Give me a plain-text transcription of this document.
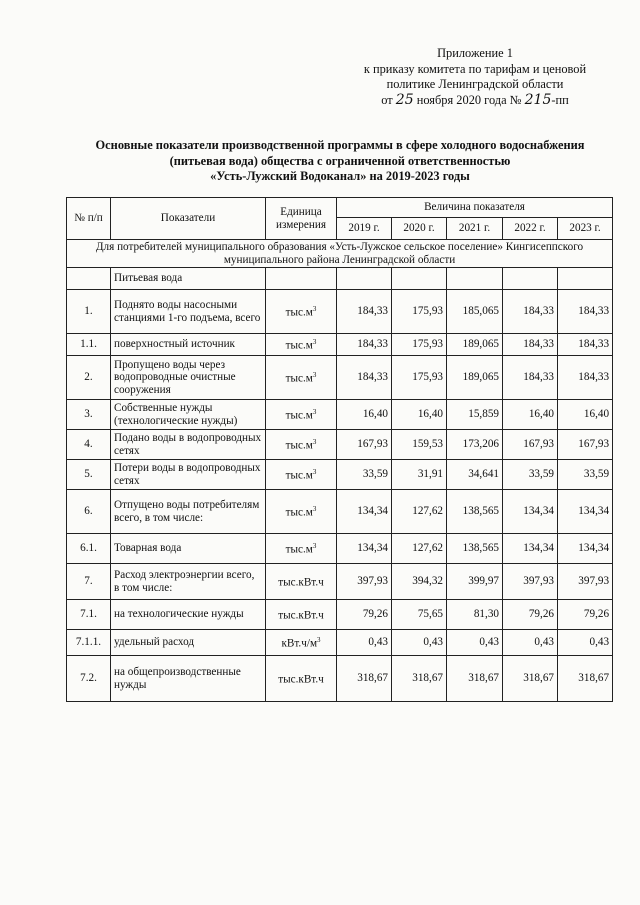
Приложение 1
к приказу комитета по тарифам и ценовой
политике Ленинградской области
от 25 ноября 2020 года № 215-пп
Основные показатели производственной программы в сфере холодного водоснабжения
(питьевая вода) общества с ограниченной ответственностью
«Усть-Лужский Водоканал» на 2019-2023 годы
№ п/п	Показатели	Единица измерения	Величина показателя				
			2019 г.	2020 г.	2021 г.	2022 г.	2023 г.
Для потребителей муниципального образования «Усть-Лужское сельское поселение» Кингисеппского муниципального района Ленинградской области							
	Питьевая вода						
1.	Поднято воды насосными станциями 1-го подъема, всего	$тыс.м^3$	184,33	175,93	185,065	184,33	184,33
1.1.	поверхностный источник	$тыс.м^3$	184,33	175,93	189,065	184,33	184,33
2.	Пропущено воды через водопроводные очистные сооружения	$тыс.м^3$	184,33	175,93	189,065	184,33	184,33
3.	Собственные нужды (технологические нужды)	$тыс.м^3$	16,40	16,40	15,859	16,40	16,40
4.	Подано воды в водопроводных сетях	$тыс.м^3$	167,93	159,53	173,206	167,93	167,93
5.	Потери воды в водопроводных сетях	$тыс.м^3$	33,59	31,91	34,641	33,59	33,59
6.	Отпущено воды потребителям всего, в том числе:	$тыс.м^3$	134,34	127,62	138,565	134,34	134,34
6.1.	Товарная вода	$тыс.м^3$	134,34	127,62	138,565	134,34	134,34
7.	Расход электроэнергии всего, в том числе:	тыс.кВт.ч	397,93	394,32	399,97	397,93	397,93
7.1.	на технологические нужды	тыс.кВт.ч	79,26	75,65	81,30	79,26	79,26
7.1.1.	удельный расход	$кВт.ч/м^3$	0,43	0,43	0,43	0,43	0,43
7.2.	на общепроизводственные нужды	тыс.кВт.ч	318,67	318,67	318,67	318,67	318,67
